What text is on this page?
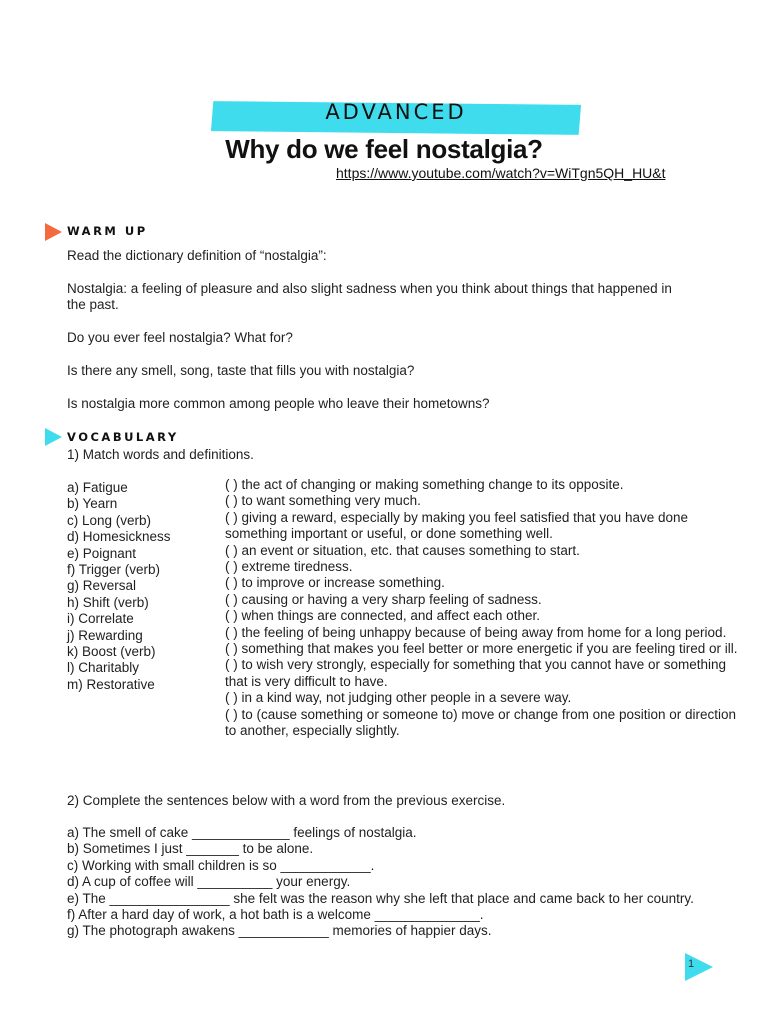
ADVANCED
Why do we feel nostalgia?
https://www.youtube.com/watch?v=WiTgn5QH_HU&t
WARM UP
Read the dictionary definition of “nostalgia”:
Nostalgia: a feeling of pleasure and also slight sadness when you think about things that happened in the past.
Do you ever feel nostalgia? What for?
Is there any smell, song, taste that fills you with nostalgia?
Is nostalgia more common among people who leave their hometowns?
VOCABULARY
1) Match words and definitions.
a) Fatigue
b) Yearn
c) Long (verb)
d) Homesickness
e) Poignant
f) Trigger (verb)
g) Reversal
h) Shift (verb)
i) Correlate
j) Rewarding
k) Boost (verb)
l) Charitably
m) Restorative
( ) the act of changing or making something change to its opposite.
( ) to want something very much.
( ) giving a reward, especially by making you feel satisfied that you have done something important or useful, or done something well.
( ) an event or situation, etc. that causes something to start.
( ) extreme tiredness.
( ) to improve or increase something.
( ) causing or having a very sharp feeling of sadness.
( ) when things are connected, and affect each other.
( ) the feeling of being unhappy because of being away from home for a long period.
( ) something that makes you feel better or more energetic if you are feeling tired or ill.
( ) to wish very strongly, especially for something that you cannot have or something that is very difficult to have.
( ) in a kind way, not judging other people in a severe way.
( ) to (cause something or someone to) move or change from one position or direction to another, especially slightly.
2) Complete the sentences below with a word from the previous exercise.
a) The smell of cake _____________ feelings of nostalgia.
b) Sometimes I just _______ to be alone.
c) Working with small children is so ____________.
d) A cup of coffee will __________ your energy.
e) The ________________ she felt was the reason why she left that place and came back to her country.
f) After a hard day of work, a hot bath is a welcome ______________.
g) The photograph awakens ____________ memories of happier days.
1
